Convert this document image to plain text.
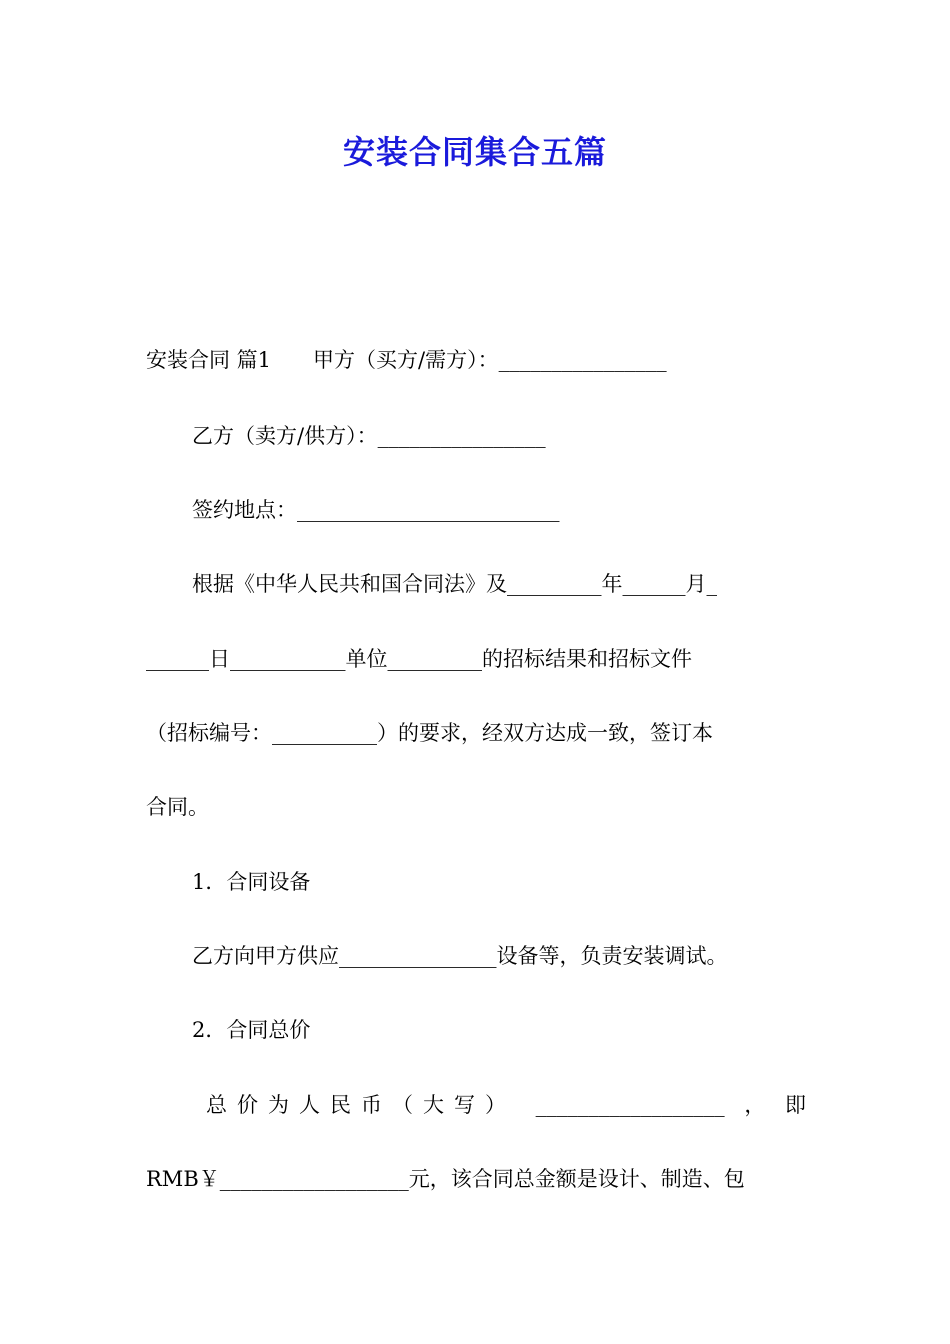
安装合同集合五篇
安装合同 篇1　　甲方（买方/需方）：________________
乙方（卖方/供方）：________________
签约地点：_________________________
根据《中华人民共和国合同法》及_________年______月_
______日___________单位_________的招标结果和招标文件
（招标编号：__________）的要求，经双方达成一致，签订本
合同。
1．合同设备
乙方向甲方供应_______________设备等，负责安装调试。
2．合同总价
总价为人民币（大写） __________________ ， 即
RMB￥__________________元，该合同总金额是设计、制造、包
